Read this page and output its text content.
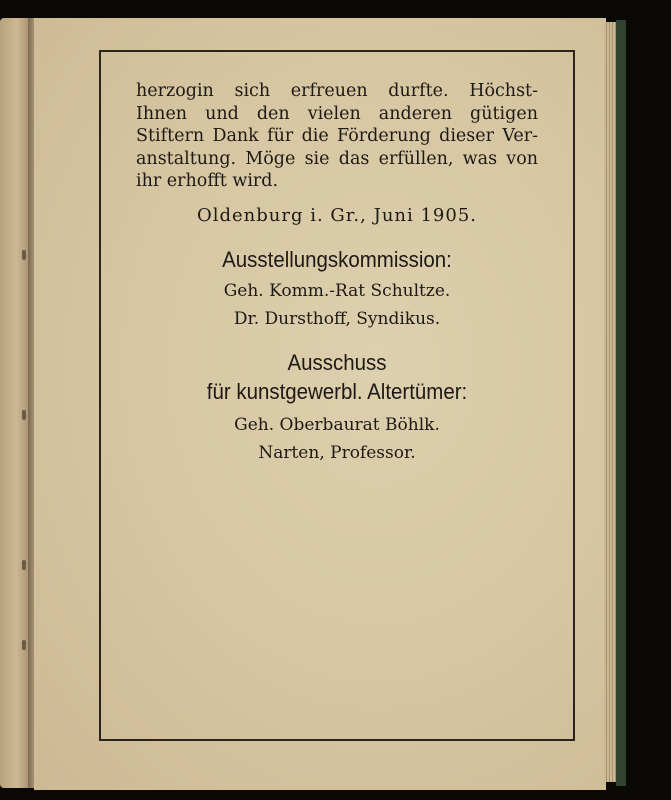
herzogin sich erfreuen durfte. Höchst-
Ihnen und den vielen anderen gütigen
Stiftern Dank für die Förderung dieser Ver-
anstaltung. Möge sie das erfüllen, was von
ihr erhofft wird.

Oldenburg i. Gr., Juni 1905.

Ausstellungskommission:

Geh. Komm.-Rat Schultze.

Dr. Dursthoff, Syndikus.

Ausschuss

für kunstgewerbl. Altertümer:

Geh. Oberbaurat Böhlk.

Narten, Professor.
